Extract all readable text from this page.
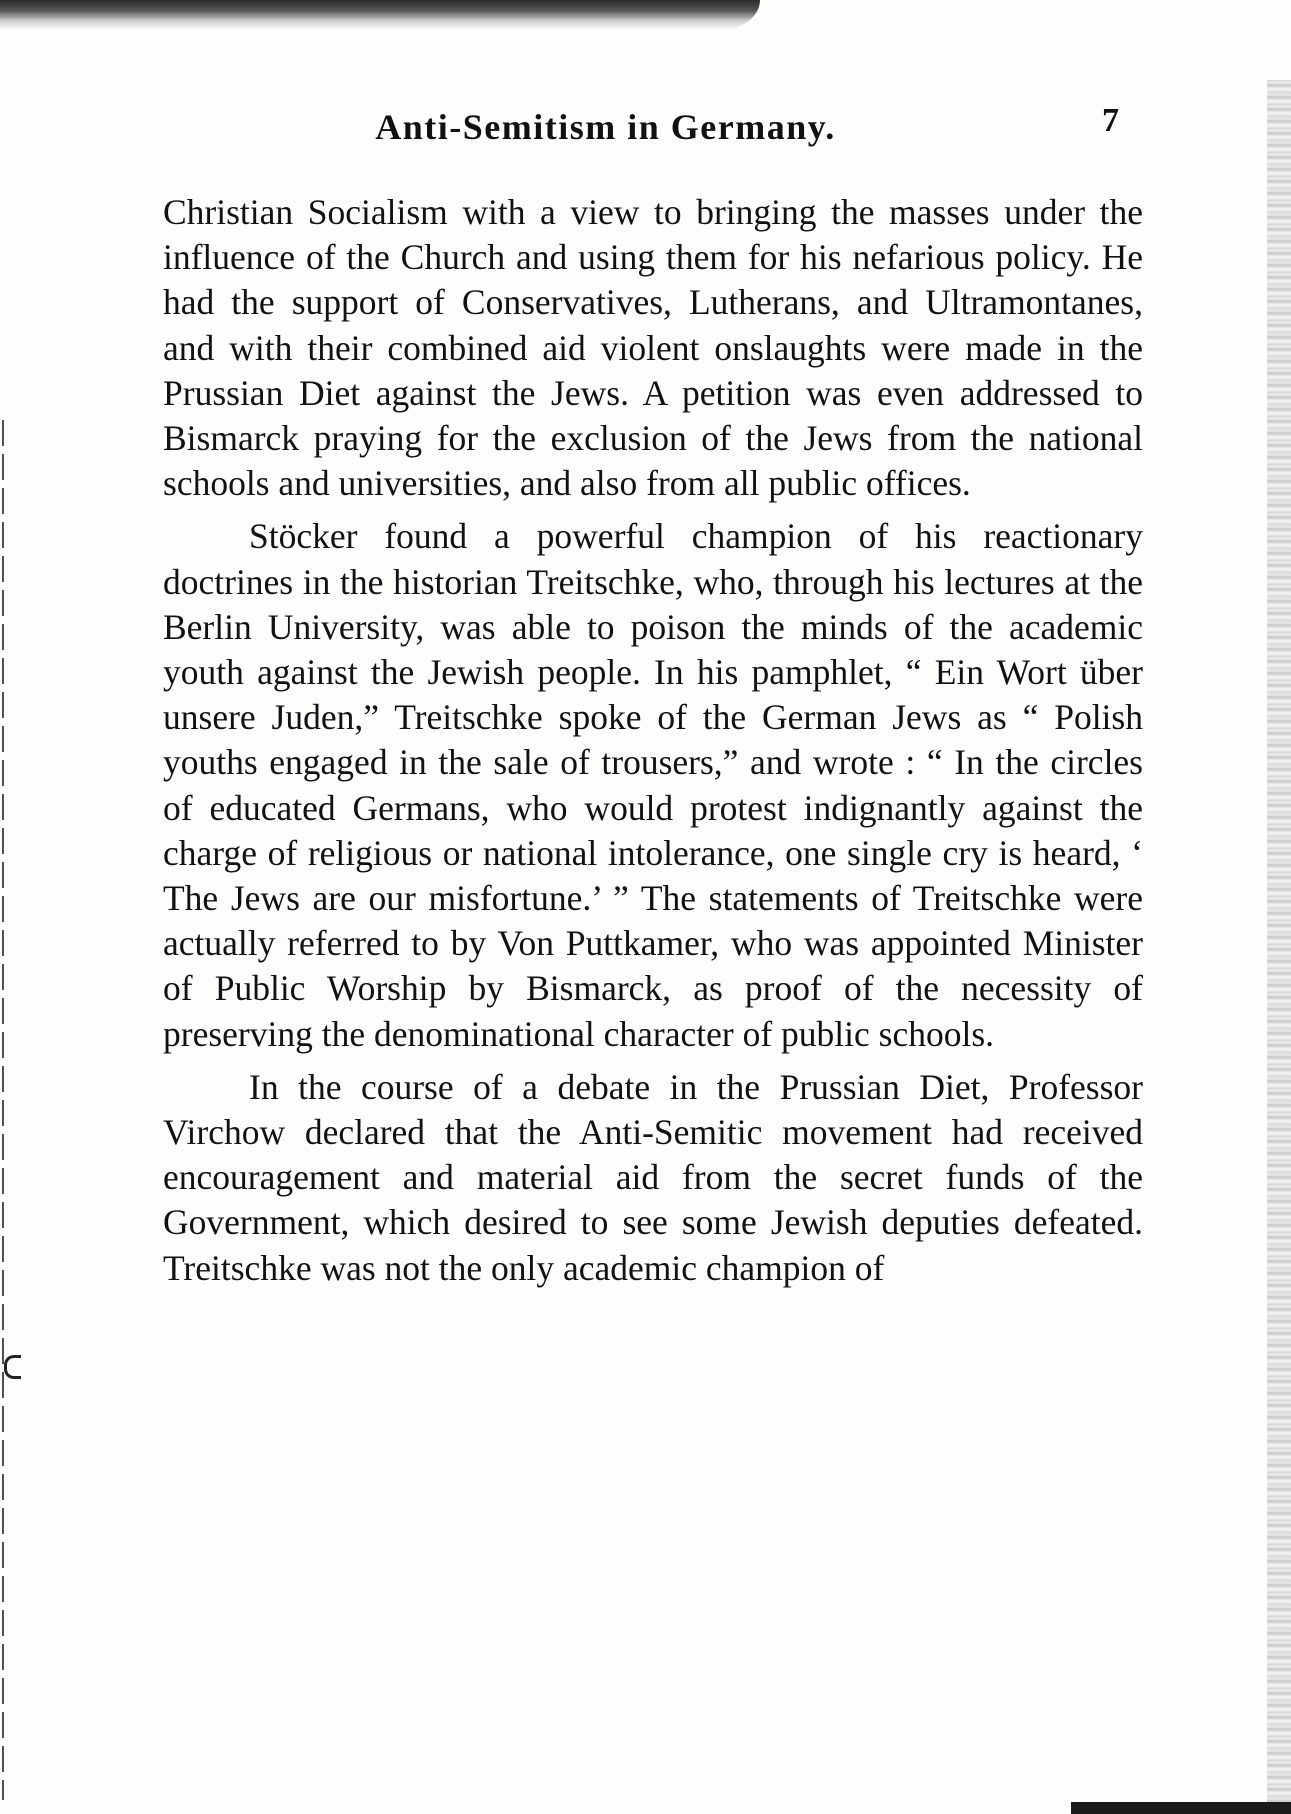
Anti-Semitism in Germany.	7

Christian Socialism with a view to bringing the masses under the influence of the Church and using them for his nefarious policy. He had the support of Conservatives, Lutherans, and Ultramontanes, and with their combined aid violent onslaughts were made in the Prussian Diet against the Jews. A petition was even addressed to Bismarck praying for the exclusion of the Jews from the national schools and universities, and also from all public offices.

Stöcker found a powerful champion of his reactionary doctrines in the historian Treitschke, who, through his lectures at the Berlin University, was able to poison the minds of the academic youth against the Jewish people. In his pamphlet, “ Ein Wort über unsere Juden,” Treitschke spoke of the German Jews as “ Polish youths engaged in the sale of trousers,” and wrote : “ In the circles of educated Germans, who would protest indignantly against the charge of religious or national intolerance, one single cry is heard, ‘ The Jews are our misfortune.’ ” The statements of Treitschke were actually referred to by Von Puttkamer, who was appointed Minister of Public Worship by Bismarck, as proof of the necessity of preserving the denominational character of public schools.

In the course of a debate in the Prussian Diet, Professor Virchow declared that the Anti-Semitic movement had received encouragement and material aid from the secret funds of the Government, which desired to see some Jewish deputies defeated. Treitschke was not the only academic champion of
